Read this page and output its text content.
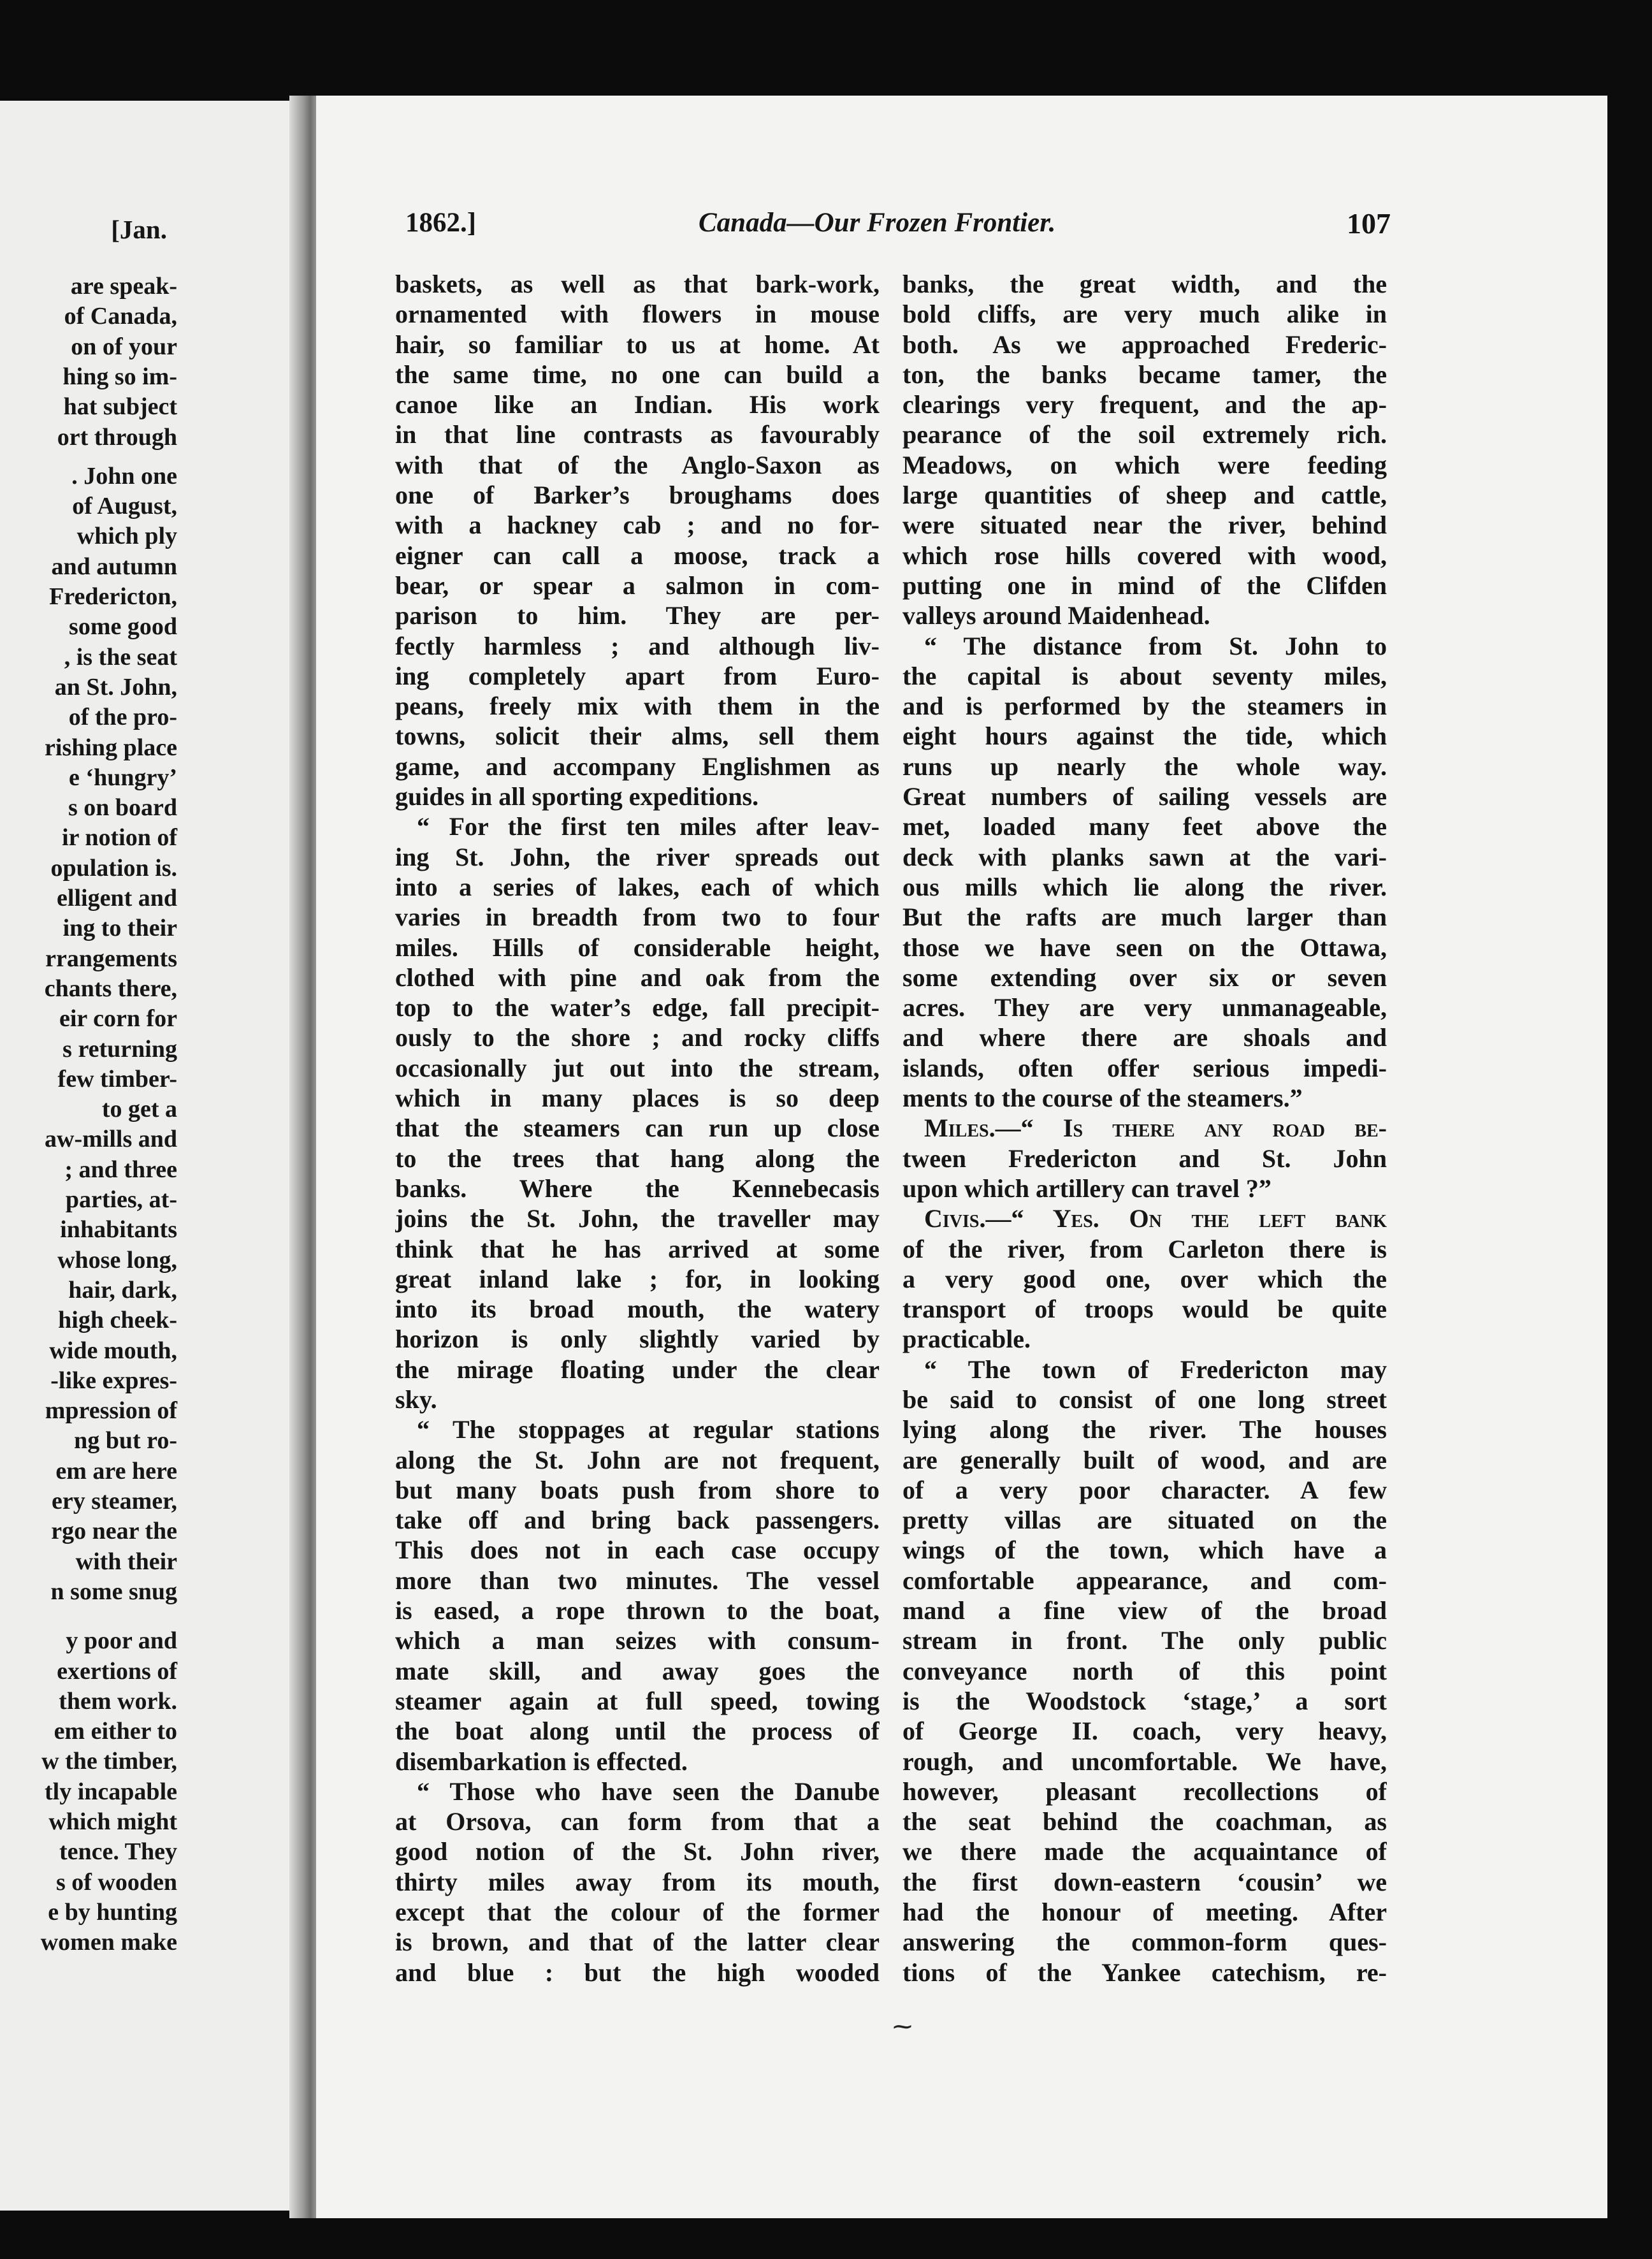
[Jan.
are speak-
of Canada,
on of your
hing so im-
hat subject
ort through
. John one
of August,
which ply
and autumn
Fredericton,
some good
, is the seat
an St. John,
of the pro-
rishing place
e ‘hungry’
s on board
ir notion of
opulation is.
elligent and
ing to their
rrangements
chants there,
eir corn for
s returning
few timber-
to get a
aw-mills and
; and three
parties, at-
inhabitants
whose long,
hair, dark,
high cheek-
wide mouth,
-like expres-
mpression of
ng but ro-
em are here
ery steamer,
rgo near the
with their
n some snug
y poor and
exertions of
them work.
em either to
w the timber,
tly incapable
which might
tence. They
s of wooden
e by hunting
women make
1862.]	Canada—Our Frozen Frontier.	107
baskets, as well as that bark-work,
ornamented with flowers in mouse
hair, so familiar to us at home. At
the same time, no one can build a
canoe like an Indian. His work
in that line contrasts as favourably
with that of the Anglo-Saxon as
one of Barker’s broughams does
with a hackney cab ; and no for-
eigner can call a moose, track a
bear, or spear a salmon in com-
parison to him. They are per-
fectly harmless ; and although liv-
ing completely apart from Euro-
peans, freely mix with them in the
towns, solicit their alms, sell them
game, and accompany Englishmen as
guides in all sporting expeditions.
“ For the first ten miles after leav-
ing St. John, the river spreads out
into a series of lakes, each of which
varies in breadth from two to four
miles. Hills of considerable height,
clothed with pine and oak from the
top to the water’s edge, fall precipit-
ously to the shore ; and rocky cliffs
occasionally jut out into the stream,
which in many places is so deep
that the steamers can run up close
to the trees that hang along the
banks. Where the Kennebecasis
joins the St. John, the traveller may
think that he has arrived at some
great inland lake ; for, in looking
into its broad mouth, the watery
horizon is only slightly varied by
the mirage floating under the clear
sky.
“ The stoppages at regular stations
along the St. John are not frequent,
but many boats push from shore to
take off and bring back passengers.
This does not in each case occupy
more than two minutes. The vessel
is eased, a rope thrown to the boat,
which a man seizes with consum-
mate skill, and away goes the
steamer again at full speed, towing
the boat along until the process of
disembarkation is effected.
“ Those who have seen the Danube
at Orsova, can form from that a
good notion of the St. John river,
thirty miles away from its mouth,
except that the colour of the former
is brown, and that of the latter clear
and blue : but the high wooded
banks, the great width, and the
bold cliffs, are very much alike in
both. As we approached Frederic-
ton, the banks became tamer, the
clearings very frequent, and the ap-
pearance of the soil extremely rich.
Meadows, on which were feeding
large quantities of sheep and cattle,
were situated near the river, behind
which rose hills covered with wood,
putting one in mind of the Clifden
valleys around Maidenhead.
“ The distance from St. John to
the capital is about seventy miles,
and is performed by the steamers in
eight hours against the tide, which
runs up nearly the whole way.
Great numbers of sailing vessels are
met, loaded many feet above the
deck with planks sawn at the vari-
ous mills which lie along the river.
But the rafts are much larger than
those we have seen on the Ottawa,
some extending over six or seven
acres. They are very unmanageable,
and where there are shoals and
islands, often offer serious impedi-
ments to the course of the steamers.”
Miles.—“ Is there any road be-
tween Fredericton and St. John
upon which artillery can travel ?”
Civis.—“ Yes. On the left bank
of the river, from Carleton there is
a very good one, over which the
transport of troops would be quite
practicable.
“ The town of Fredericton may
be said to consist of one long street
lying along the river. The houses
are generally built of wood, and are
of a very poor character. A few
pretty villas are situated on the
wings of the town, which have a
comfortable appearance, and com-
mand a fine view of the broad
stream in front. The only public
conveyance north of this point
is the Woodstock ‘stage,’ a sort
of George II. coach, very heavy,
rough, and uncomfortable. We have,
however, pleasant recollections of
the seat behind the coachman, as
we there made the acquaintance of
the first down-eastern ‘cousin’ we
had the honour of meeting. After
answering the common-form ques-
tions of the Yankee catechism, re-
⁓
